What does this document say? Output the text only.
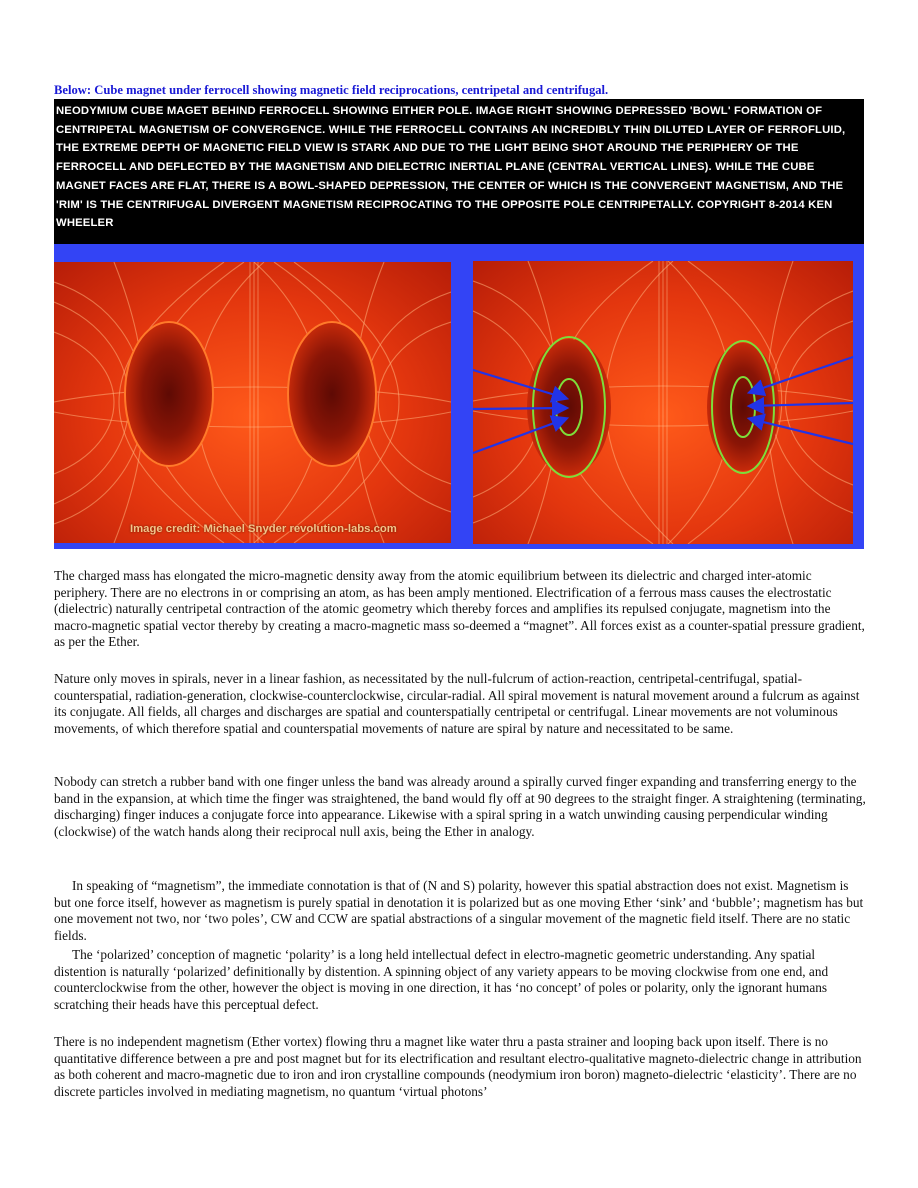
Below: Cube magnet under ferrocell showing magnetic field reciprocations, centripetal and centrifugal.
NEODYMIUM CUBE MAGET BEHIND FERROCELL SHOWING EITHER POLE. IMAGE RIGHT SHOWING DEPRESSED 'BOWL' FORMATION OF CENTRIPETAL MAGNETISM OF CONVERGENCE. WHILE THE FERROCELL CONTAINS AN INCREDIBLY THIN DILUTED LAYER OF FERROFLUID, THE EXTREME DEPTH OF MAGNETIC FIELD VIEW IS STARK AND DUE TO THE LIGHT BEING SHOT AROUND THE PERIPHERY OF THE FERROCELL AND DEFLECTED BY THE MAGNETISM AND DIELECTRIC INERTIAL PLANE (CENTRAL VERTICAL LINES). WHILE THE CUBE MAGNET FACES ARE FLAT, THERE IS A BOWL-SHAPED DEPRESSION, THE CENTER OF WHICH IS THE CONVERGENT MAGNETISM, AND THE 'RIM' IS THE CENTRIFUGAL DIVERGENT MAGNETISM RECIPROCATING TO THE OPPOSITE POLE CENTRIPETALLY. COPYRIGHT 8-2014 KEN WHEELER
Image credit: Michael Snyder revolution-labs.com

The charged mass has elongated the micro-magnetic density away from the atomic equilibrium between its dielectric and charged inter-atomic periphery. There are no electrons in or comprising an atom, as has been amply mentioned. Electrification of a ferrous mass causes the electrostatic (dielectric) naturally centripetal contraction of the atomic geometry which thereby forces and amplifies its repulsed conjugate, magnetism into the macro-magnetic spatial vector thereby by creating a macro-magnetic mass so-deemed a “magnet”. All forces exist as a counter-spatial pressure gradient, as per the Ether.

Nature only moves in spirals, never in a linear fashion, as necessitated by the null-fulcrum of action-reaction, centripetal-centrifugal, spatial-counterspatial, radiation-generation, clockwise-counterclockwise, circular-radial. All spiral movement is natural movement around a fulcrum as against its conjugate. All fields, all charges and discharges are spatial and counterspatially centripetal or centrifugal. Linear movements are not voluminous movements, of which therefore spatial and counterspatial movements of nature are spiral by nature and necessitated to be same.

Nobody can stretch a rubber band with one finger unless the band was already around a spirally curved finger expanding and transferring energy to the band in the expansion, at which time the finger was straightened, the band would fly off at 90 degrees to the straight finger. A straightening (terminating, discharging) finger induces a conjugate force into appearance. Likewise with a spiral spring in a watch unwinding causing perpendicular winding (clockwise) of the watch hands along their reciprocal null axis, being the Ether in analogy.

In speaking of “magnetism”, the immediate connotation is that of (N and S) polarity, however this spatial abstraction does not exist. Magnetism is but one force itself, however as magnetism is purely spatial in denotation it is polarized but as one moving Ether ‘sink’ and ‘bubble’; magnetism has but one movement not two, nor ‘two poles’, CW and CCW are spatial abstractions of a singular movement of the magnetic field itself. There are no static fields.

The ‘polarized’ conception of magnetic ‘polarity’ is a long held intellectual defect in electro-magnetic geometric understanding. Any spatial distention is naturally ‘polarized’ definitionally by distention. A spinning object of any variety appears to be moving clockwise from one end, and counterclockwise from the other, however the object is moving in one direction, it has ‘no concept’ of poles or polarity, only the ignorant humans scratching their heads have this perceptual defect.

There is no independent magnetism (Ether vortex) flowing thru a magnet like water thru a pasta strainer and looping back upon itself. There is no quantitative difference between a pre and post magnet but for its electrification and resultant electro-qualitative magneto-dielectric change in attribution as both coherent and macro-magnetic due to iron and iron crystalline compounds (neodymium iron boron) magneto-dielectric ‘elasticity’. There are no discrete particles involved in mediating magnetism, no quantum ‘virtual photons’
